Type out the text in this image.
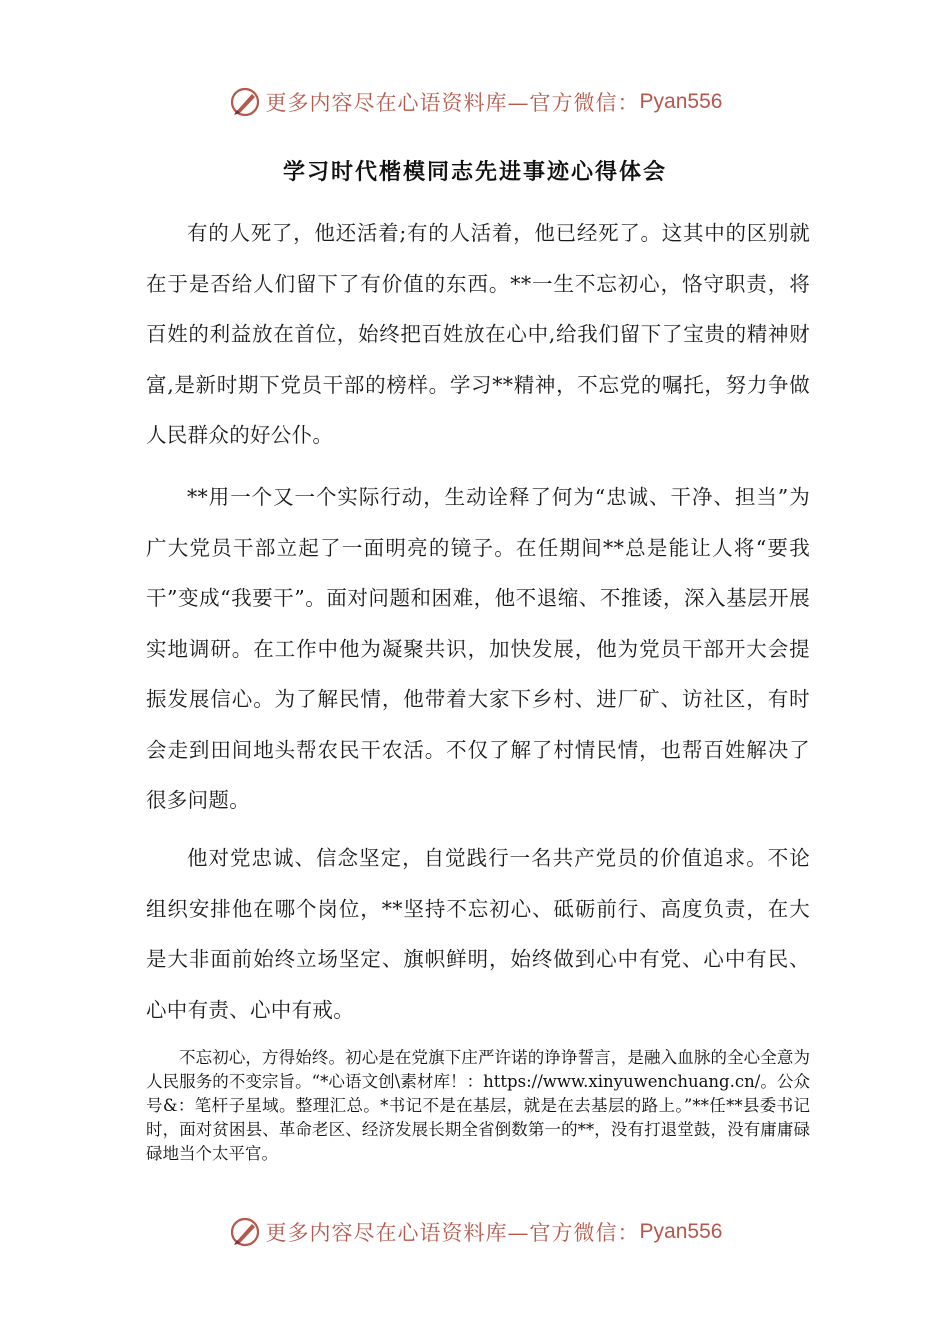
更多内容尽在心语资料库—官方微信： Pyan556
学习时代楷模同志先进事迹心得体会

有的人死了，他还活着;有的人活着，他已经死了。这其中的区别就在于是否给人们留下了有价值的东西。**一生不忘初心，恪守职责，将百姓的利益放在首位，始终把百姓放在心中,给我们留下了宝贵的精神财富,是新时期下党员干部的榜样。学习**精神，不忘党的嘱托，努力争做人民群众的好公仆。

**用一个又一个实际行动，生动诠释了何为“忠诚、干净、担当”为广大党员干部立起了一面明亮的镜子。在任期间**总是能让人将“要我干”变成“我要干”。面对问题和困难，他不退缩、不推诿，深入基层开展实地调研。在工作中他为凝聚共识，加快发展，他为党员干部开大会提振发展信心。为了解民情，他带着大家下乡村、进厂矿、访社区，有时会走到田间地头帮农民干农活。不仅了解了村情民情，也帮百姓解决了很多问题。

他对党忠诚、信念坚定，自觉践行一名共产党员的价值追求。不论组织安排他在哪个岗位，**坚持不忘初心、砥砺前行、高度负责，在大是大非面前始终立场坚定、旗帜鲜明，始终做到心中有党、心中有民、心中有责、心中有戒。

不忘初心，方得始终。初心是在党旗下庄严许诺的诤诤誓言，是融入血脉的全心全意为人民服务的不变宗旨。“*心语文创\素材库！：https://www.xinyuwenchuang.cn/。公众号&：笔杆子星域。整理汇总。*书记不是在基层，就是在去基层的路上。”**任**县委书记时，面对贫困县、革命老区、经济发展长期全省倒数第一的**，没有打退堂鼓，没有庸庸碌碌地当个太平官。

更多内容尽在心语资料库—官方微信： Pyan556
